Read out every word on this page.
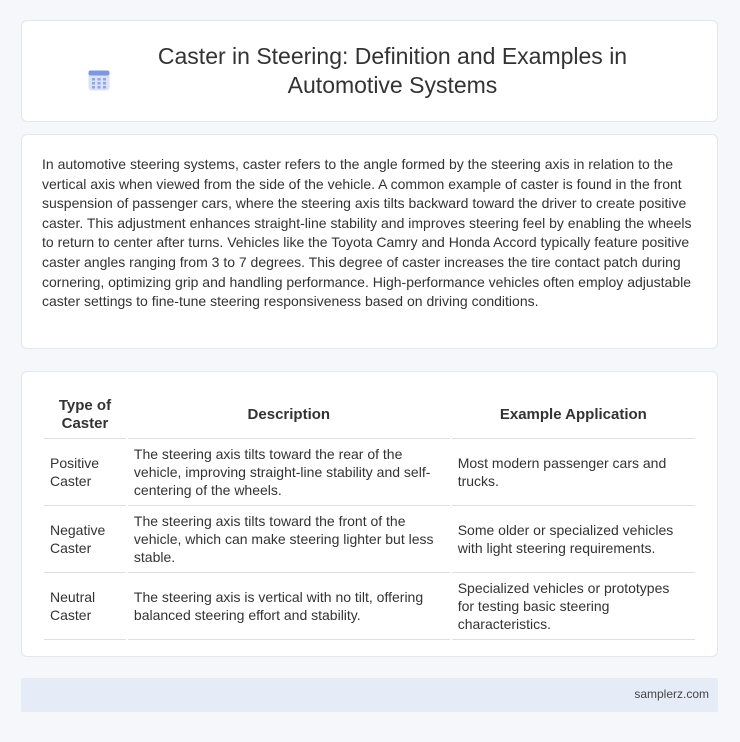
Caster in Steering: Definition and Examples in Automotive Systems

In automotive steering systems, caster refers to the angle formed by the steering axis in relation to the vertical axis when viewed from the side of the vehicle. A common example of caster is found in the front suspension of passenger cars, where the steering axis tilts backward toward the driver to create positive caster. This adjustment enhances straight-line stability and improves steering feel by enabling the wheels to return to center after turns. Vehicles like the Toyota Camry and Honda Accord typically feature positive caster angles ranging from 3 to 7 degrees. This degree of caster increases the tire contact patch during cornering, optimizing grip and handling performance. High-performance vehicles often employ adjustable caster settings to fine-tune steering responsiveness based on driving conditions.

Type of Caster	Description	Example Application
Positive Caster	The steering axis tilts toward the rear of the vehicle, improving straight-line stability and self-centering of the wheels.	Most modern passenger cars and trucks.
Negative Caster	The steering axis tilts toward the front of the vehicle, which can make steering lighter but less stable.	Some older or specialized vehicles with light steering requirements.
Neutral Caster	The steering axis is vertical with no tilt, offering balanced steering effort and stability.	Specialized vehicles or prototypes for testing basic steering characteristics.
samplerz.com
